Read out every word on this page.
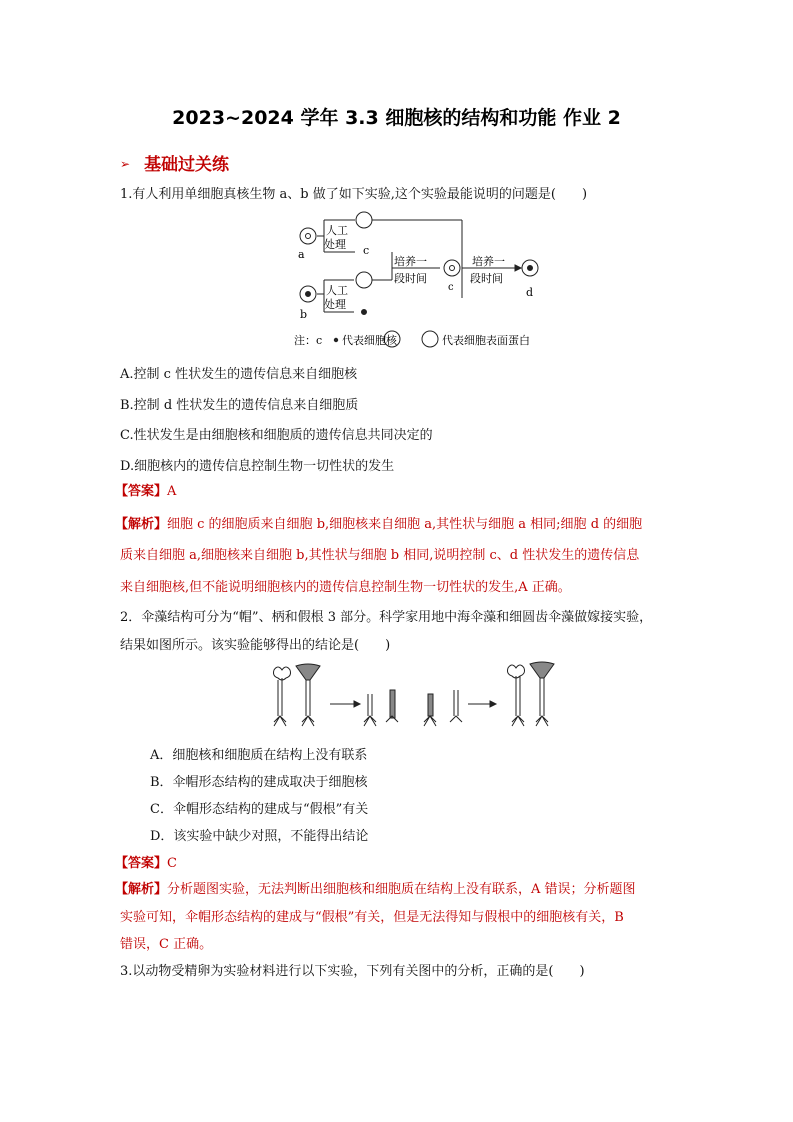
2023~2024 学年 3.3 细胞核的结构和功能 作业 2
➢ 基础过关练
1.有人利用单细胞真核生物 a、b 做了如下实验,这个实验最能说明的问题是(　　)
a
b
c
c	d
人工
处理
人工
处理
培养一
段时间
培养一
段时间
注：c 代表细胞核	代表细胞表面蛋白
A.控制 c 性状发生的遗传信息来自细胞核
B.控制 d 性状发生的遗传信息来自细胞质
C.性状发生是由细胞核和细胞质的遗传信息共同决定的
D.细胞核内的遗传信息控制生物一切性状的发生
【答案】A
【解析】细胞 c 的细胞质来自细胞 b,细胞核来自细胞 a,其性状与细胞 a 相同;细胞 d 的细胞
质来自细胞 a,细胞核来自细胞 b,其性状与细胞 b 相同,说明控制 c、d 性状发生的遗传信息
来自细胞核,但不能说明细胞核内的遗传信息控制生物一切性状的发生,A 正确。
2．伞藻结构可分为“帽”、柄和假根 3 部分。科学家用地中海伞藻和细圆齿伞藻做嫁接实验，
结果如图所示。该实验能够得出的结论是(　　)
A．细胞核和细胞质在结构上没有联系
B．伞帽形态结构的建成取决于细胞核
C．伞帽形态结构的建成与“假根”有关
D．该实验中缺少对照，不能得出结论
【答案】C
【解析】分析题图实验，无法判断出细胞核和细胞质在结构上没有联系，A 错误；分析题图
实验可知，伞帽形态结构的建成与“假根”有关，但是无法得知与假根中的细胞核有关，B
错误，C 正确。
3.以动物受精卵为实验材料进行以下实验，下列有关图中的分析，正确的是(　　)
